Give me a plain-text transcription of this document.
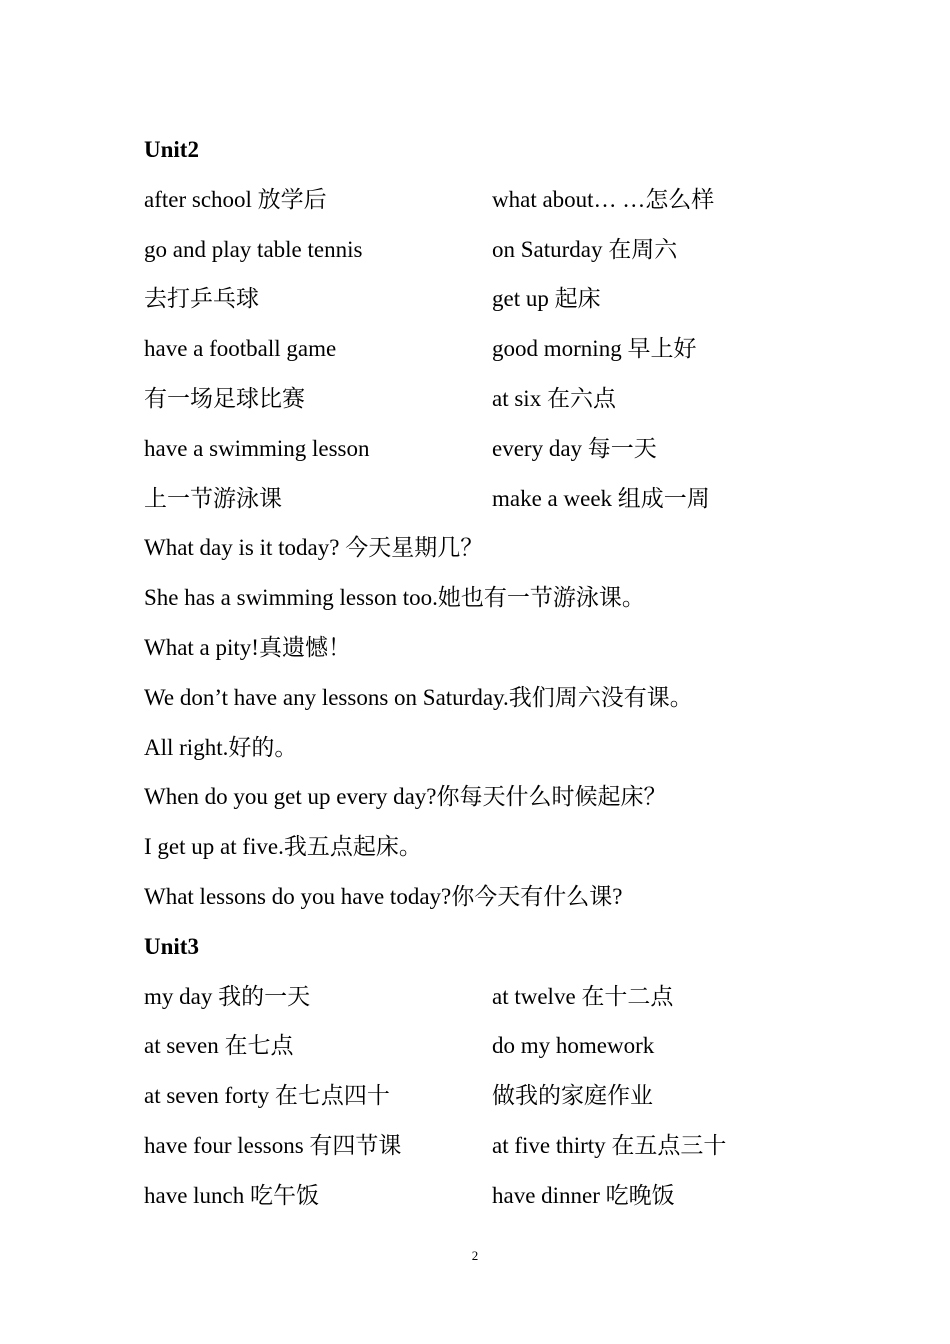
Unit2
after school 放学后	what about… …怎么样
go and play table tennis	on Saturday 在周六
去打乒乓球	get up 起床
have a football game	good morning 早上好
有一场足球比赛	at six 在六点
have a swimming lesson	every day 每一天
上一节游泳课	make a week 组成一周
What day is it today? 今天星期几？
She has a swimming lesson too.她也有一节游泳课。
What a pity!真遗憾！
We don’t have any lessons on Saturday.我们周六没有课。
All right.好的。
When do you get up every day?你每天什么时候起床？
I get up at five.我五点起床。
What lessons do you have today?你今天有什么课?
Unit3
my day 我的一天	at twelve 在十二点
at seven 在七点	do my homework
at seven forty 在七点四十	做我的家庭作业
have four lessons 有四节课	at five thirty 在五点三十
have lunch 吃午饭	have dinner 吃晚饭
2
